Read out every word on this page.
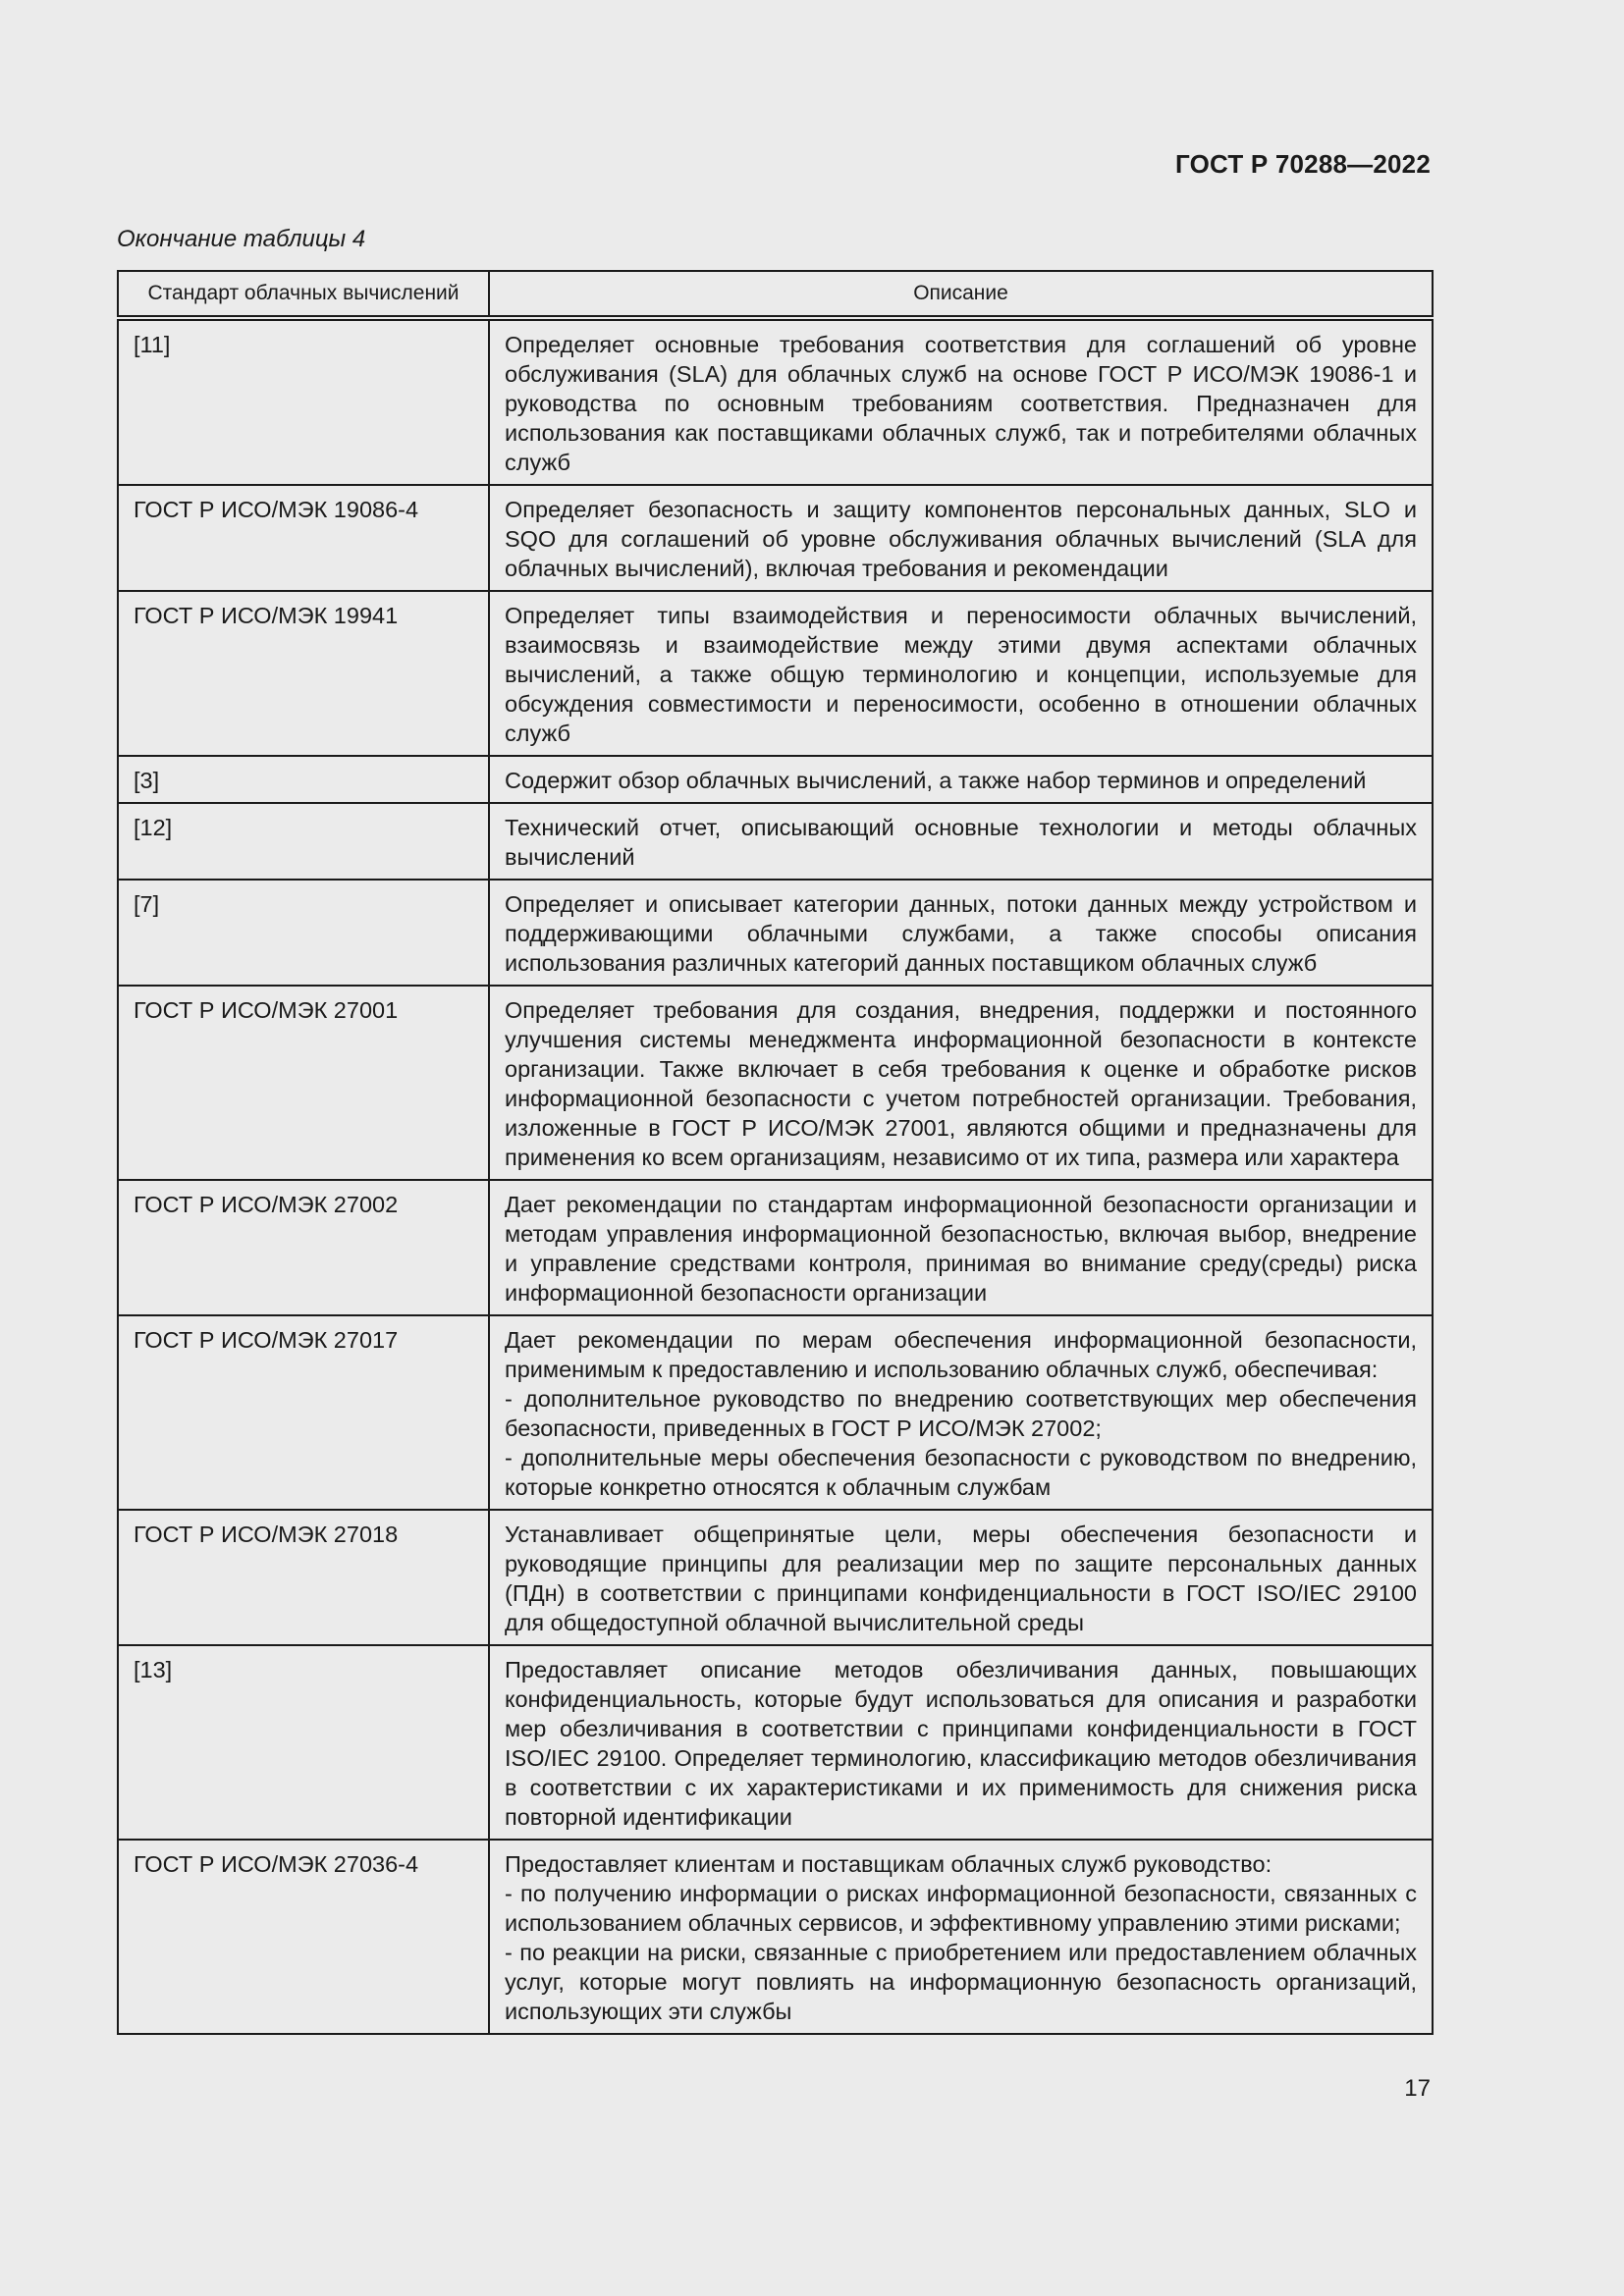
ГОСТ Р 70288—2022
Окончание таблицы 4
Стандарт облачных вычислений	Описание
[11]	Определяет основные требования соответствия для соглашений об уровне обслуживания (SLA) для облачных служб на основе ГОСТ Р ИСО/МЭК 19086-1 и руководства по основным требованиям соответствия. Предназначен для использования как поставщиками облачных служб, так и потребителями облачных служб

ГОСТ Р ИСО/МЭК 19086-4	Определяет безопасность и защиту компонентов персональных данных, SLO и SQO для соглашений об уровне обслуживания облачных вычислений (SLA для облачных вычислений), включая требования и рекомендации

ГОСТ Р ИСО/МЭК 19941	Определяет типы взаимодействия и переносимости облачных вычислений, взаимосвязь и взаимодействие между этими двумя аспектами облачных вычислений, а также общую терминологию и концепции, используемые для обсуждения совместимости и переносимости, особенно в отношении облачных служб

[3]	Содержит обзор облачных вычислений, а также набор терминов и определений

[12]	Технический отчет, описывающий основные технологии и методы облачных вычислений

[7]	Определяет и описывает категории данных, потоки данных между устройством и поддерживающими облачными службами, а также способы описания использования различных категорий данных поставщиком облачных служб

ГОСТ Р ИСО/МЭК 27001	Определяет требования для создания, внедрения, поддержки и постоянного улучшения системы менеджмента информационной безопасности в контексте организации. Также включает в себя требования к оценке и обработке рисков информационной безопасности с учетом потребностей организации. Требования, изложенные в ГОСТ Р ИСО/МЭК 27001, являются общими и предназначены для применения ко всем организациям, независимо от их типа, размера или характера

ГОСТ Р ИСО/МЭК 27002	Дает рекомендации по стандартам информационной безопасности организации и методам управления информационной безопасностью, включая выбор, внедрение и управление средствами контроля, принимая во внимание среду(среды) риска информационной безопасности организации

ГОСТ Р ИСО/МЭК 27017	Дает рекомендации по мерам обеспечения информационной безопасности, применимым к предоставлению и использованию облачных служб, обеспечивая:
- дополнительное руководство по внедрению соответствующих мер обеспечения безопасности, приведенных в ГОСТ Р ИСО/МЭК 27002;
- дополнительные меры обеспечения безопасности с руководством по внедрению, которые конкретно относятся к облачным службам

ГОСТ Р ИСО/МЭК 27018	Устанавливает общепринятые цели, меры обеспечения безопасности и руководящие принципы для реализации мер по защите персональных данных (ПДн) в соответствии с принципами конфиденциальности в ГОСТ ISO/IEC 29100 для общедоступной облачной вычислительной среды

[13]	Предоставляет описание методов обезличивания данных, повышающих конфиденциальность, которые будут использоваться для описания и разработки мер обезличивания в соответствии с принципами конфиденциальности в ГОСТ ISO/IEC 29100. Определяет терминологию, классификацию методов обезличивания в соответствии с их характеристиками и их применимость для снижения риска повторной идентификации

ГОСТ Р ИСО/МЭК 27036-4	Предоставляет клиентам и поставщикам облачных служб руководство:
- по получению информации о рисках информационной безопасности, связанных с использованием облачных сервисов, и эффективному управлению этими рисками;
- по реакции на риски, связанные с приобретением или предоставлением облачных услуг, которые могут повлиять на информационную безопасность организаций, использующих эти службы
17
